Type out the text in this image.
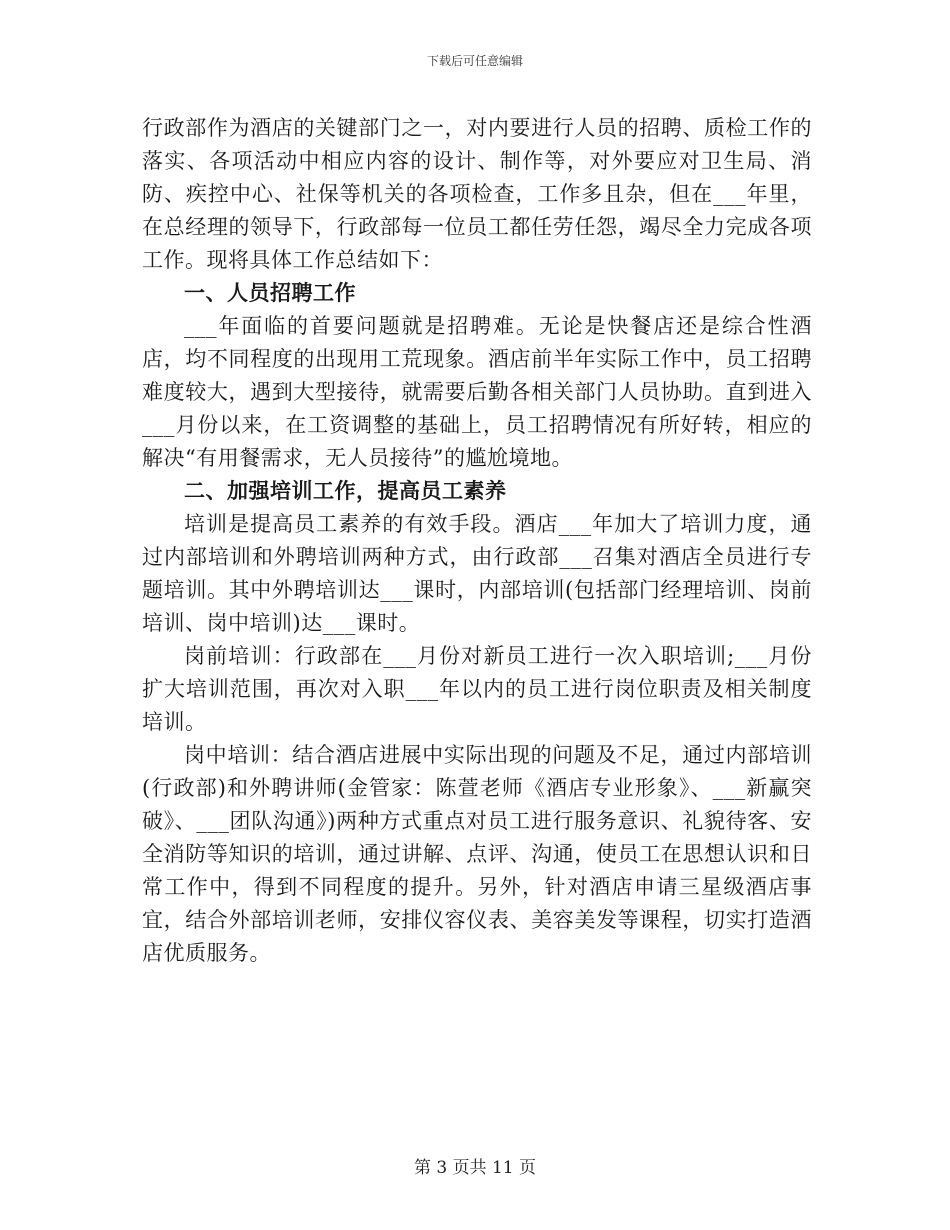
下载后可任意编辑

行政部作为酒店的关键部门之一，对内要进行人员的招聘、质检工作的落实、各项活动中相应内容的设计、制作等，对外要应对卫生局、消防、疾控中心、社保等机关的各项检查，工作多且杂，但在___年里，在总经理的领导下，行政部每一位员工都任劳任怨，竭尽全力完成各项工作。现将具体工作总结如下：

一、人员招聘工作

___年面临的首要问题就是招聘难。无论是快餐店还是综合性酒店，均不同程度的出现用工荒现象。酒店前半年实际工作中，员工招聘难度较大，遇到大型接待，就需要后勤各相关部门人员协助。直到进入___月份以来，在工资调整的基础上，员工招聘情况有所好转，相应的解决“有用餐需求，无人员接待”的尴尬境地。

二、加强培训工作，提高员工素养

培训是提高员工素养的有效手段。酒店___年加大了培训力度，通过内部培训和外聘培训两种方式，由行政部___召集对酒店全员进行专题培训。其中外聘培训达___课时，内部培训(包括部门经理培训、岗前培训、岗中培训)达___课时。

岗前培训：行政部在___月份对新员工进行一次入职培训;___月份扩大培训范围，再次对入职___年以内的员工进行岗位职责及相关制度培训。

岗中培训：结合酒店进展中实际出现的问题及不足，通过内部培训(行政部)和外聘讲师(金管家：陈萱老师《酒店专业形象》、___新赢突破》、___团队沟通》)两种方式重点对员工进行服务意识、礼貌待客、安全消防等知识的培训，通过讲解、点评、沟通，使员工在思想认识和日常工作中，得到不同程度的提升。另外，针对酒店申请三星级酒店事宜，结合外部培训老师，安排仪容仪表、美容美发等课程，切实打造酒店优质服务。

第 3 页共 11 页
